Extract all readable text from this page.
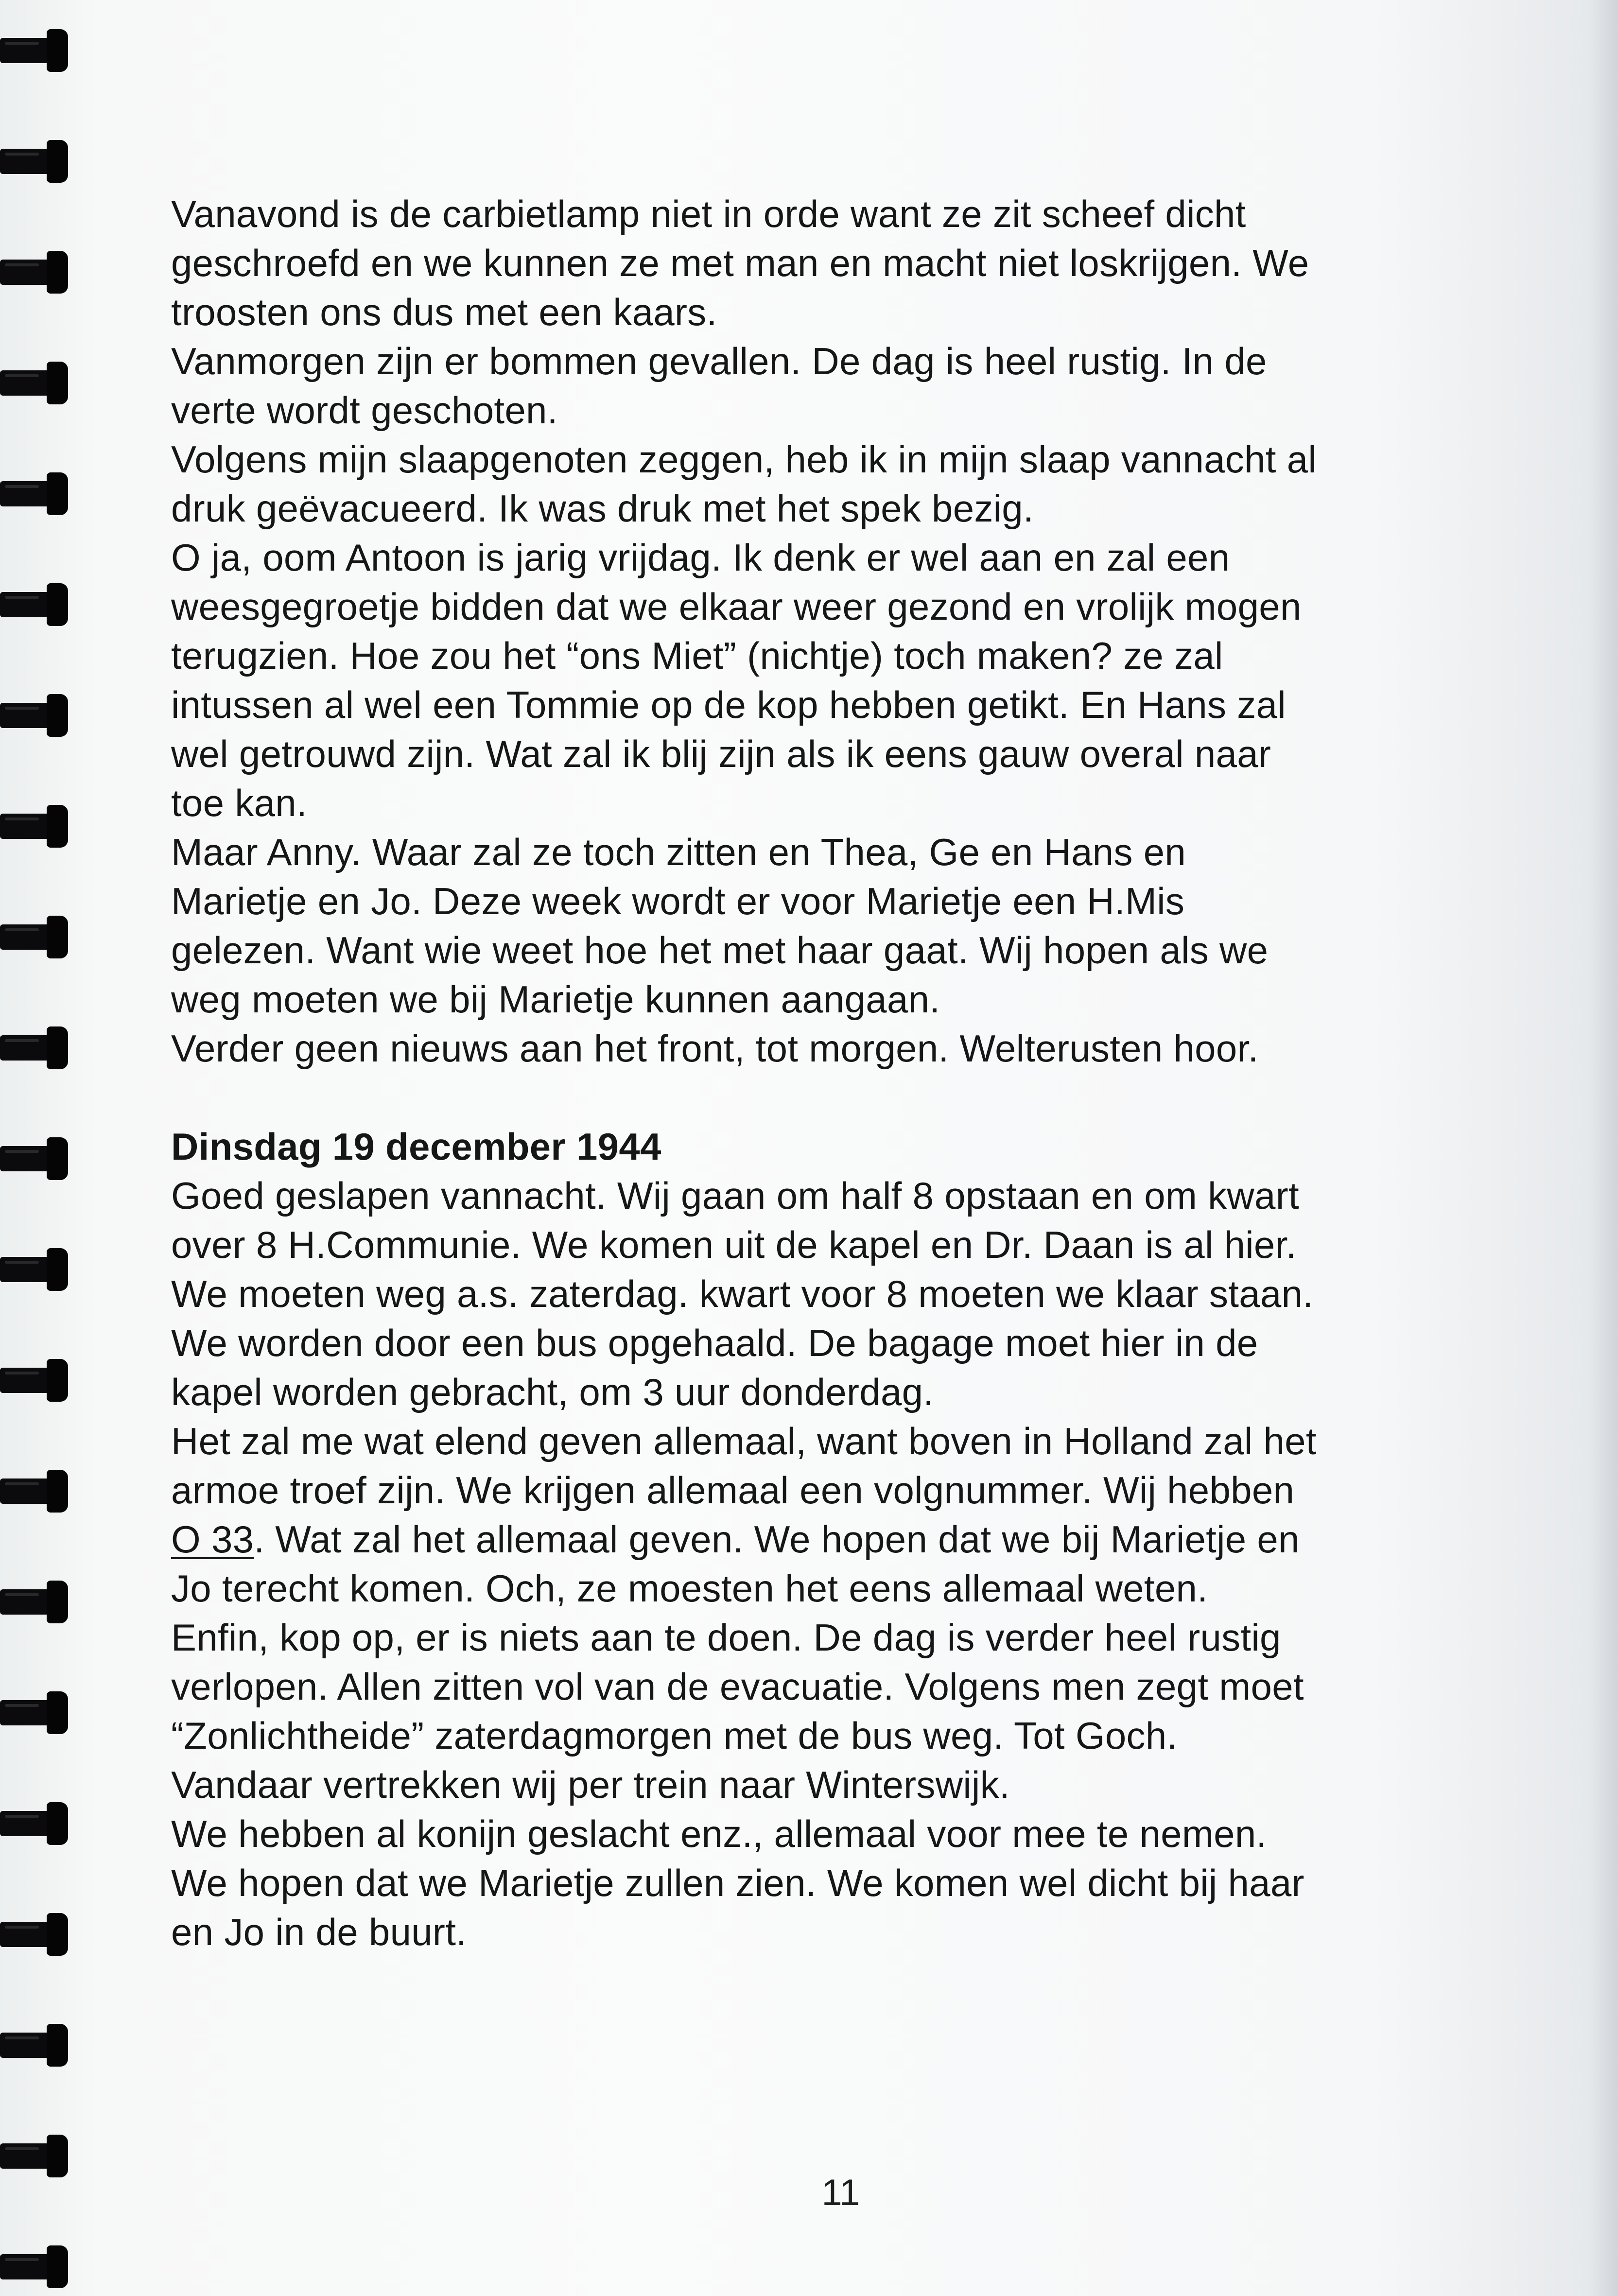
Vanavond is de carbietlamp niet in orde want ze zit scheef dicht
geschroefd en we kunnen ze met man en macht niet loskrijgen. We
troosten ons dus met een kaars.
Vanmorgen zijn er bommen gevallen. De dag is heel rustig. In de
verte wordt geschoten.
Volgens mijn slaapgenoten zeggen, heb ik in mijn slaap vannacht al
druk geëvacueerd. Ik was druk met het spek bezig.
O ja, oom Antoon is jarig vrijdag. Ik denk er wel aan en zal een
weesgegroetje bidden dat we elkaar weer gezond en vrolijk mogen
terugzien. Hoe zou het “ons Miet” (nichtje) toch maken? ze zal
intussen al wel een Tommie op de kop hebben getikt. En Hans zal
wel getrouwd zijn. Wat zal ik blij zijn als ik eens gauw overal naar
toe kan.
Maar Anny. Waar zal ze toch zitten en Thea, Ge en Hans en
Marietje en Jo. Deze week wordt er voor Marietje een H.Mis
gelezen. Want wie weet hoe het met haar gaat. Wij hopen als we
weg moeten we bij Marietje kunnen aangaan.
Verder geen nieuws aan het front, tot morgen. Welterusten hoor.
Dinsdag 19 december 1944
Goed geslapen vannacht. Wij gaan om half 8 opstaan en om kwart
over 8 H.Communie. We komen uit de kapel en Dr. Daan is al hier.
We moeten weg a.s. zaterdag. kwart voor 8 moeten we klaar staan.
We worden door een bus opgehaald. De bagage moet hier in de
kapel worden gebracht, om 3 uur donderdag.
Het zal me wat elend geven allemaal, want boven in Holland zal het
armoe troef zijn. We krijgen allemaal een volgnummer. Wij hebben
O 33. Wat zal het allemaal geven. We hopen dat we bij Marietje en
Jo terecht komen. Och, ze moesten het eens allemaal weten.
Enfin, kop op, er is niets aan te doen. De dag is verder heel rustig
verlopen. Allen zitten vol van de evacuatie. Volgens men zegt moet
“Zonlichtheide” zaterdagmorgen met de bus weg. Tot Goch.
Vandaar vertrekken wij per trein naar Winterswijk.
We hebben al konijn geslacht enz., allemaal voor mee te nemen.
We hopen dat we Marietje zullen zien. We komen wel dicht bij haar
en Jo in de buurt.
11
